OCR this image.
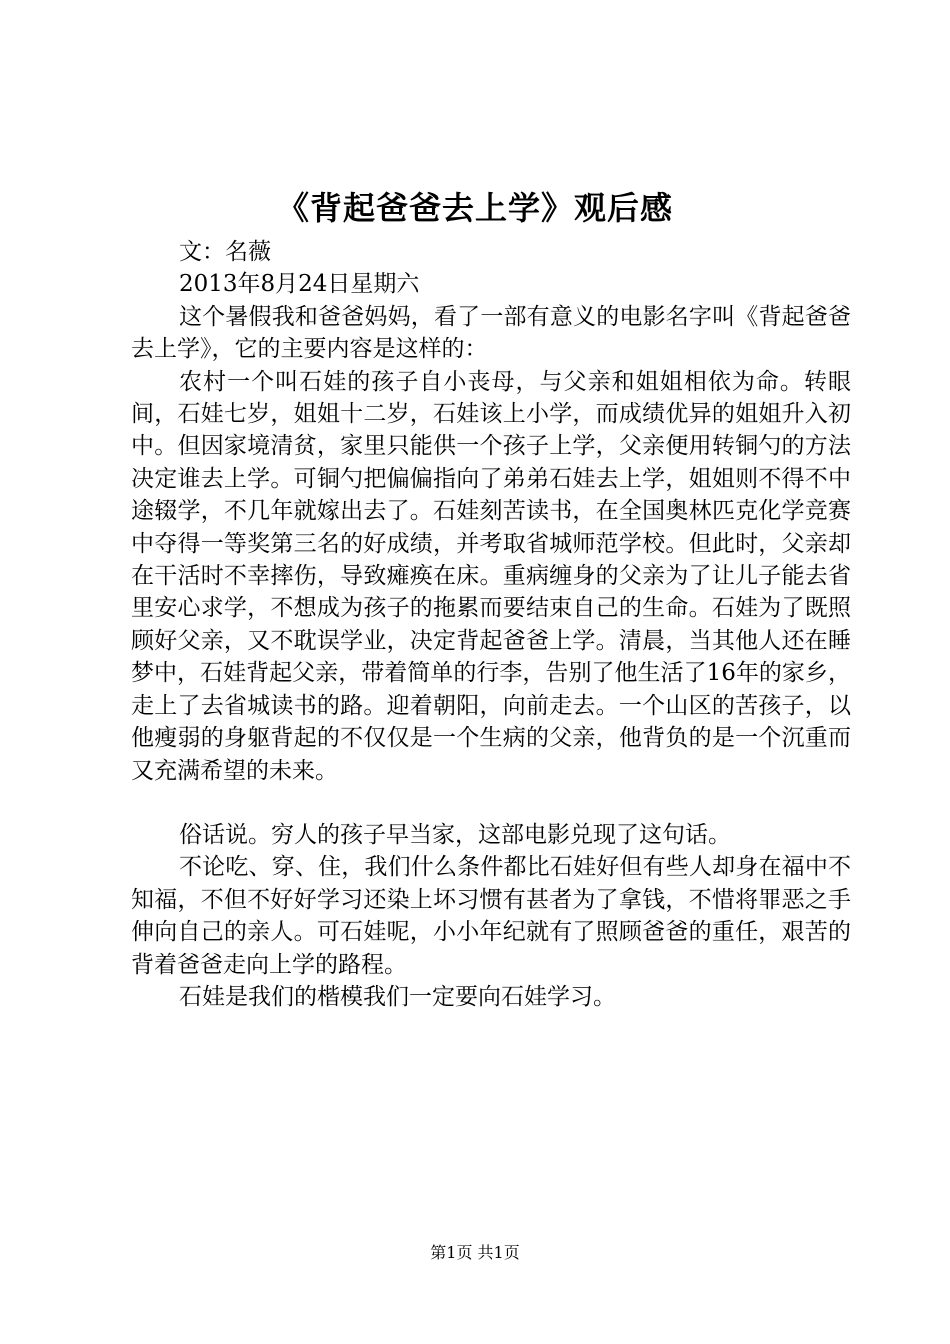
《背起爸爸去上学》观后感

文：名薇

2013年8月24日星期六

这个暑假我和爸爸妈妈，看了一部有意义的电影名字叫《背起爸爸去上学》，它的主要内容是这样的：

农村一个叫石娃的孩子自小丧母，与父亲和姐姐相依为命。转眼间，石娃七岁，姐姐十二岁，石娃该上小学，而成绩优异的姐姐升入初中。但因家境清贫，家里只能供一个孩子上学，父亲便用转铜勺的方法决定谁去上学。可铜勺把偏偏指向了弟弟石娃去上学，姐姐则不得不中途辍学，不几年就嫁出去了。石娃刻苦读书，在全国奥林匹克化学竞赛中夺得一等奖第三名的好成绩，并考取省城师范学校。但此时，父亲却在干活时不幸摔伤，导致瘫痪在床。重病缠身的父亲为了让儿子能去省里安心求学，不想成为孩子的拖累而要结束自己的生命。石娃为了既照顾好父亲，又不耽误学业，决定背起爸爸上学。清晨，当其他人还在睡梦中，石娃背起父亲，带着简单的行李，告别了他生活了16年的家乡，走上了去省城读书的路。迎着朝阳，向前走去。一个山区的苦孩子，以他瘦弱的身躯背起的不仅仅是一个生病的父亲，他背负的是一个沉重而又充满希望的未来。

俗话说。穷人的孩子早当家，这部电影兑现了这句话。

不论吃、穿、住，我们什么条件都比石娃好但有些人却身在福中不知福，不但不好好学习还染上坏习惯有甚者为了拿钱，不惜将罪恶之手伸向自己的亲人。可石娃呢，小小年纪就有了照顾爸爸的重任，艰苦的背着爸爸走向上学的路程。

石娃是我们的楷模我们一定要向石娃学习。

第1页 共1页
